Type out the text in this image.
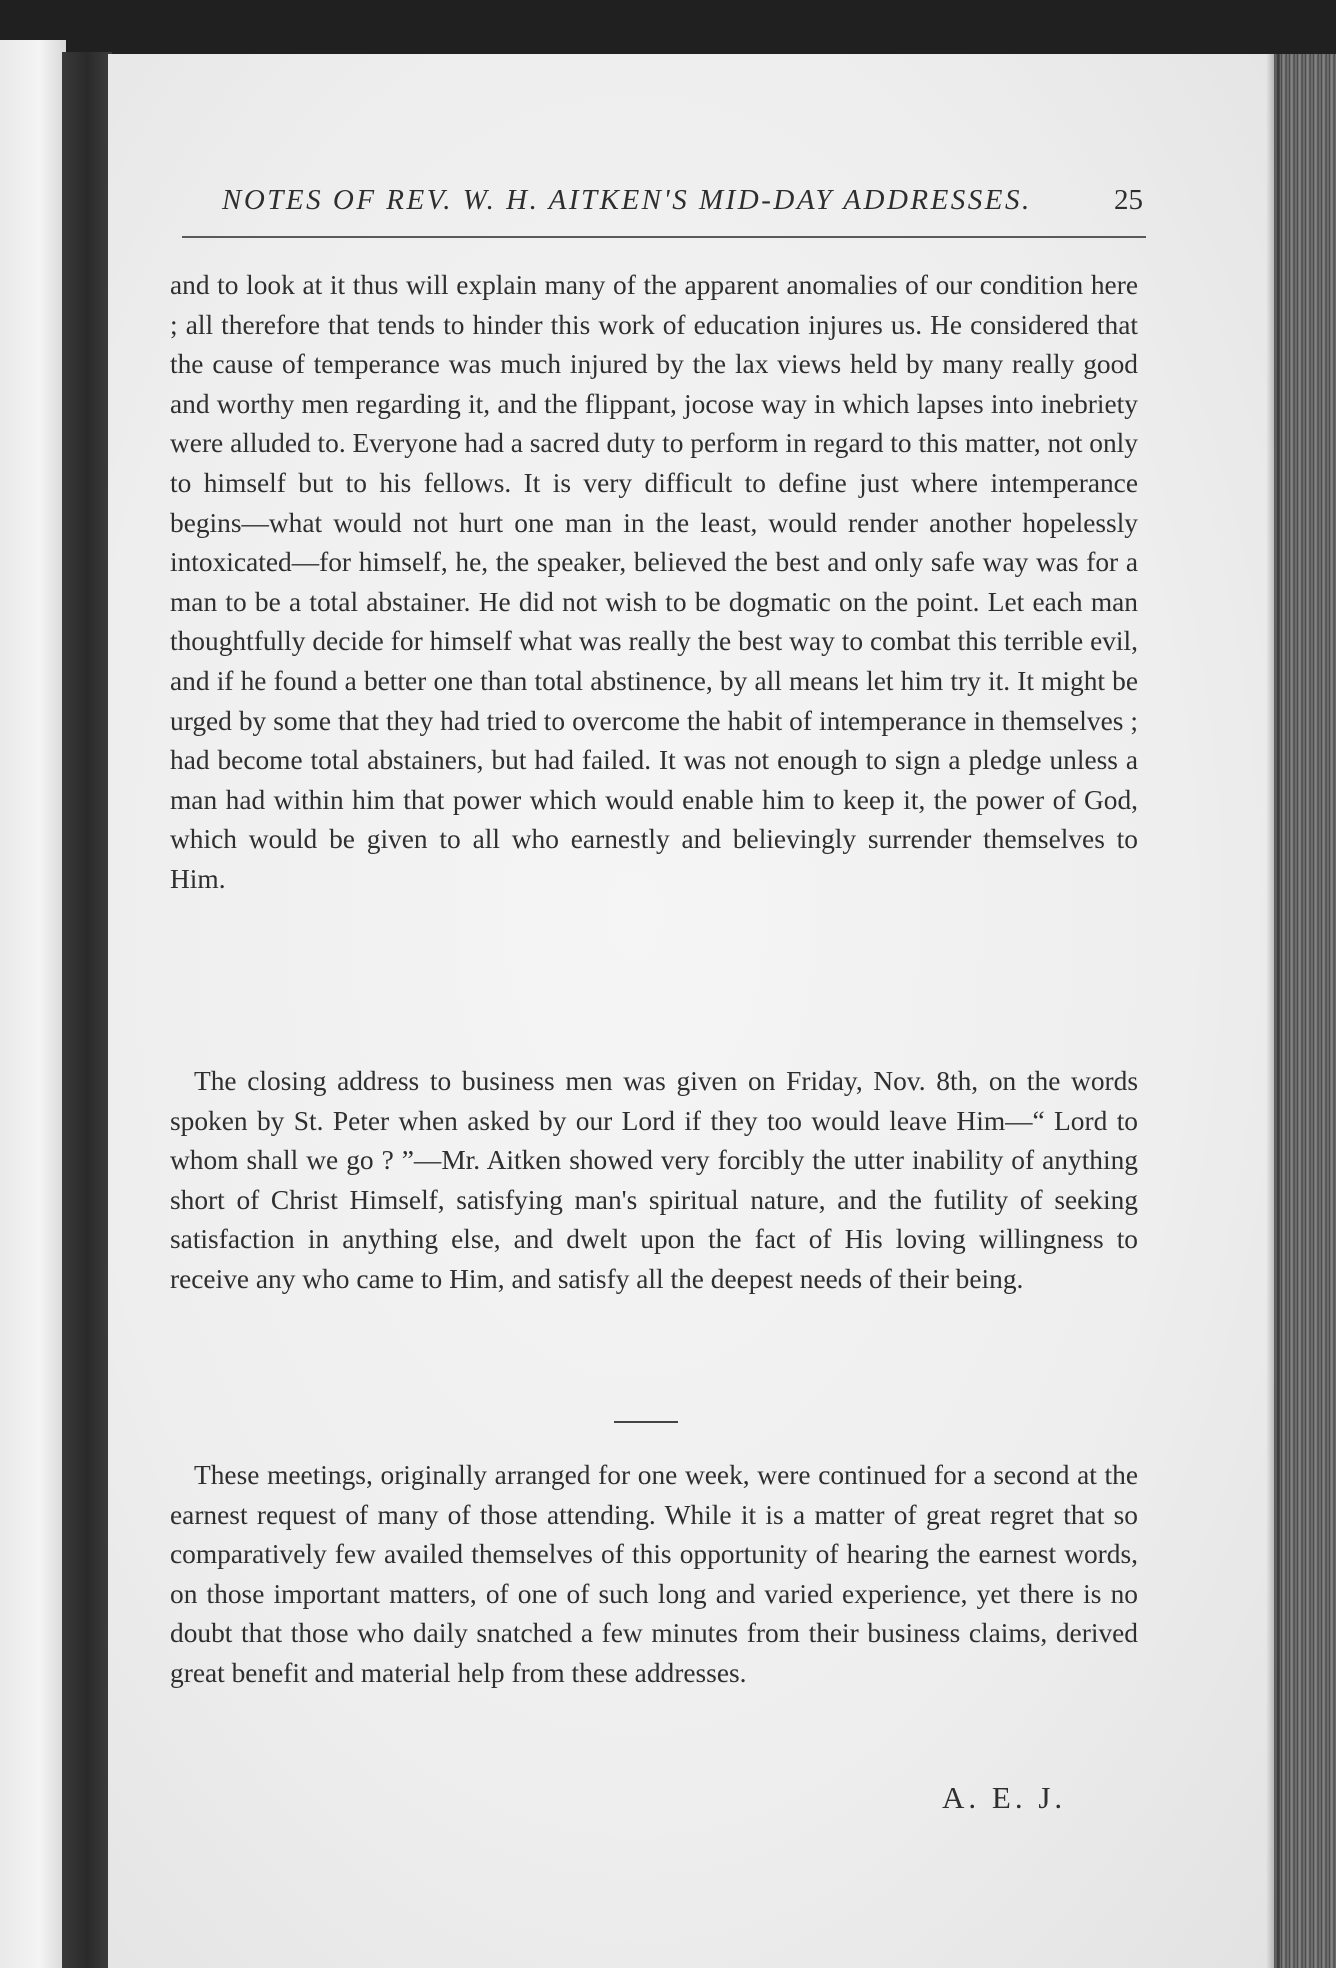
NOTES OF REV. W. H. AITKEN'S MID-DAY ADDRESSES.	25

and to look at it thus will explain many of the apparent anomalies of our condition here ; all therefore that tends to hinder this work of education injures us. He considered that the cause of temperance was much injured by the lax views held by many really good and worthy men regarding it, and the flippant, jocose way in which lapses into inebriety were alluded to. Everyone had a sacred duty to perform in regard to this matter, not only to himself but to his fellows. It is very difficult to define just where intemperance begins—what would not hurt one man in the least, would render another hopelessly intoxicated—for himself, he, the speaker, believed the best and only safe way was for a man to be a total abstainer. He did not wish to be dogmatic on the point. Let each man thoughtfully decide for himself what was really the best way to combat this terrible evil, and if he found a better one than total abstinence, by all means let him try it. It might be urged by some that they had tried to overcome the habit of intemperance in themselves ; had become total abstainers, but had failed. It was not enough to sign a pledge unless a man had within him that power which would enable him to keep it, the power of God, which would be given to all who earnestly and believingly surrender themselves to Him.

The closing address to business men was given on Friday, Nov. 8th, on the words spoken by St. Peter when asked by our Lord if they too would leave Him—“ Lord to whom shall we go ? ”—Mr. Aitken showed very forcibly the utter inability of anything short of Christ Himself, satisfying man's spiritual nature, and the futility of seeking satisfaction in anything else, and dwelt upon the fact of His loving willingness to receive any who came to Him, and satisfy all the deepest needs of their being.

These meetings, originally arranged for one week, were continued for a second at the earnest request of many of those attending. While it is a matter of great regret that so comparatively few availed themselves of this opportunity of hearing the earnest words, on those important matters, of one of such long and varied experience, yet there is no doubt that those who daily snatched a few minutes from their business claims, derived great benefit and material help from these addresses.

A. E. J.
